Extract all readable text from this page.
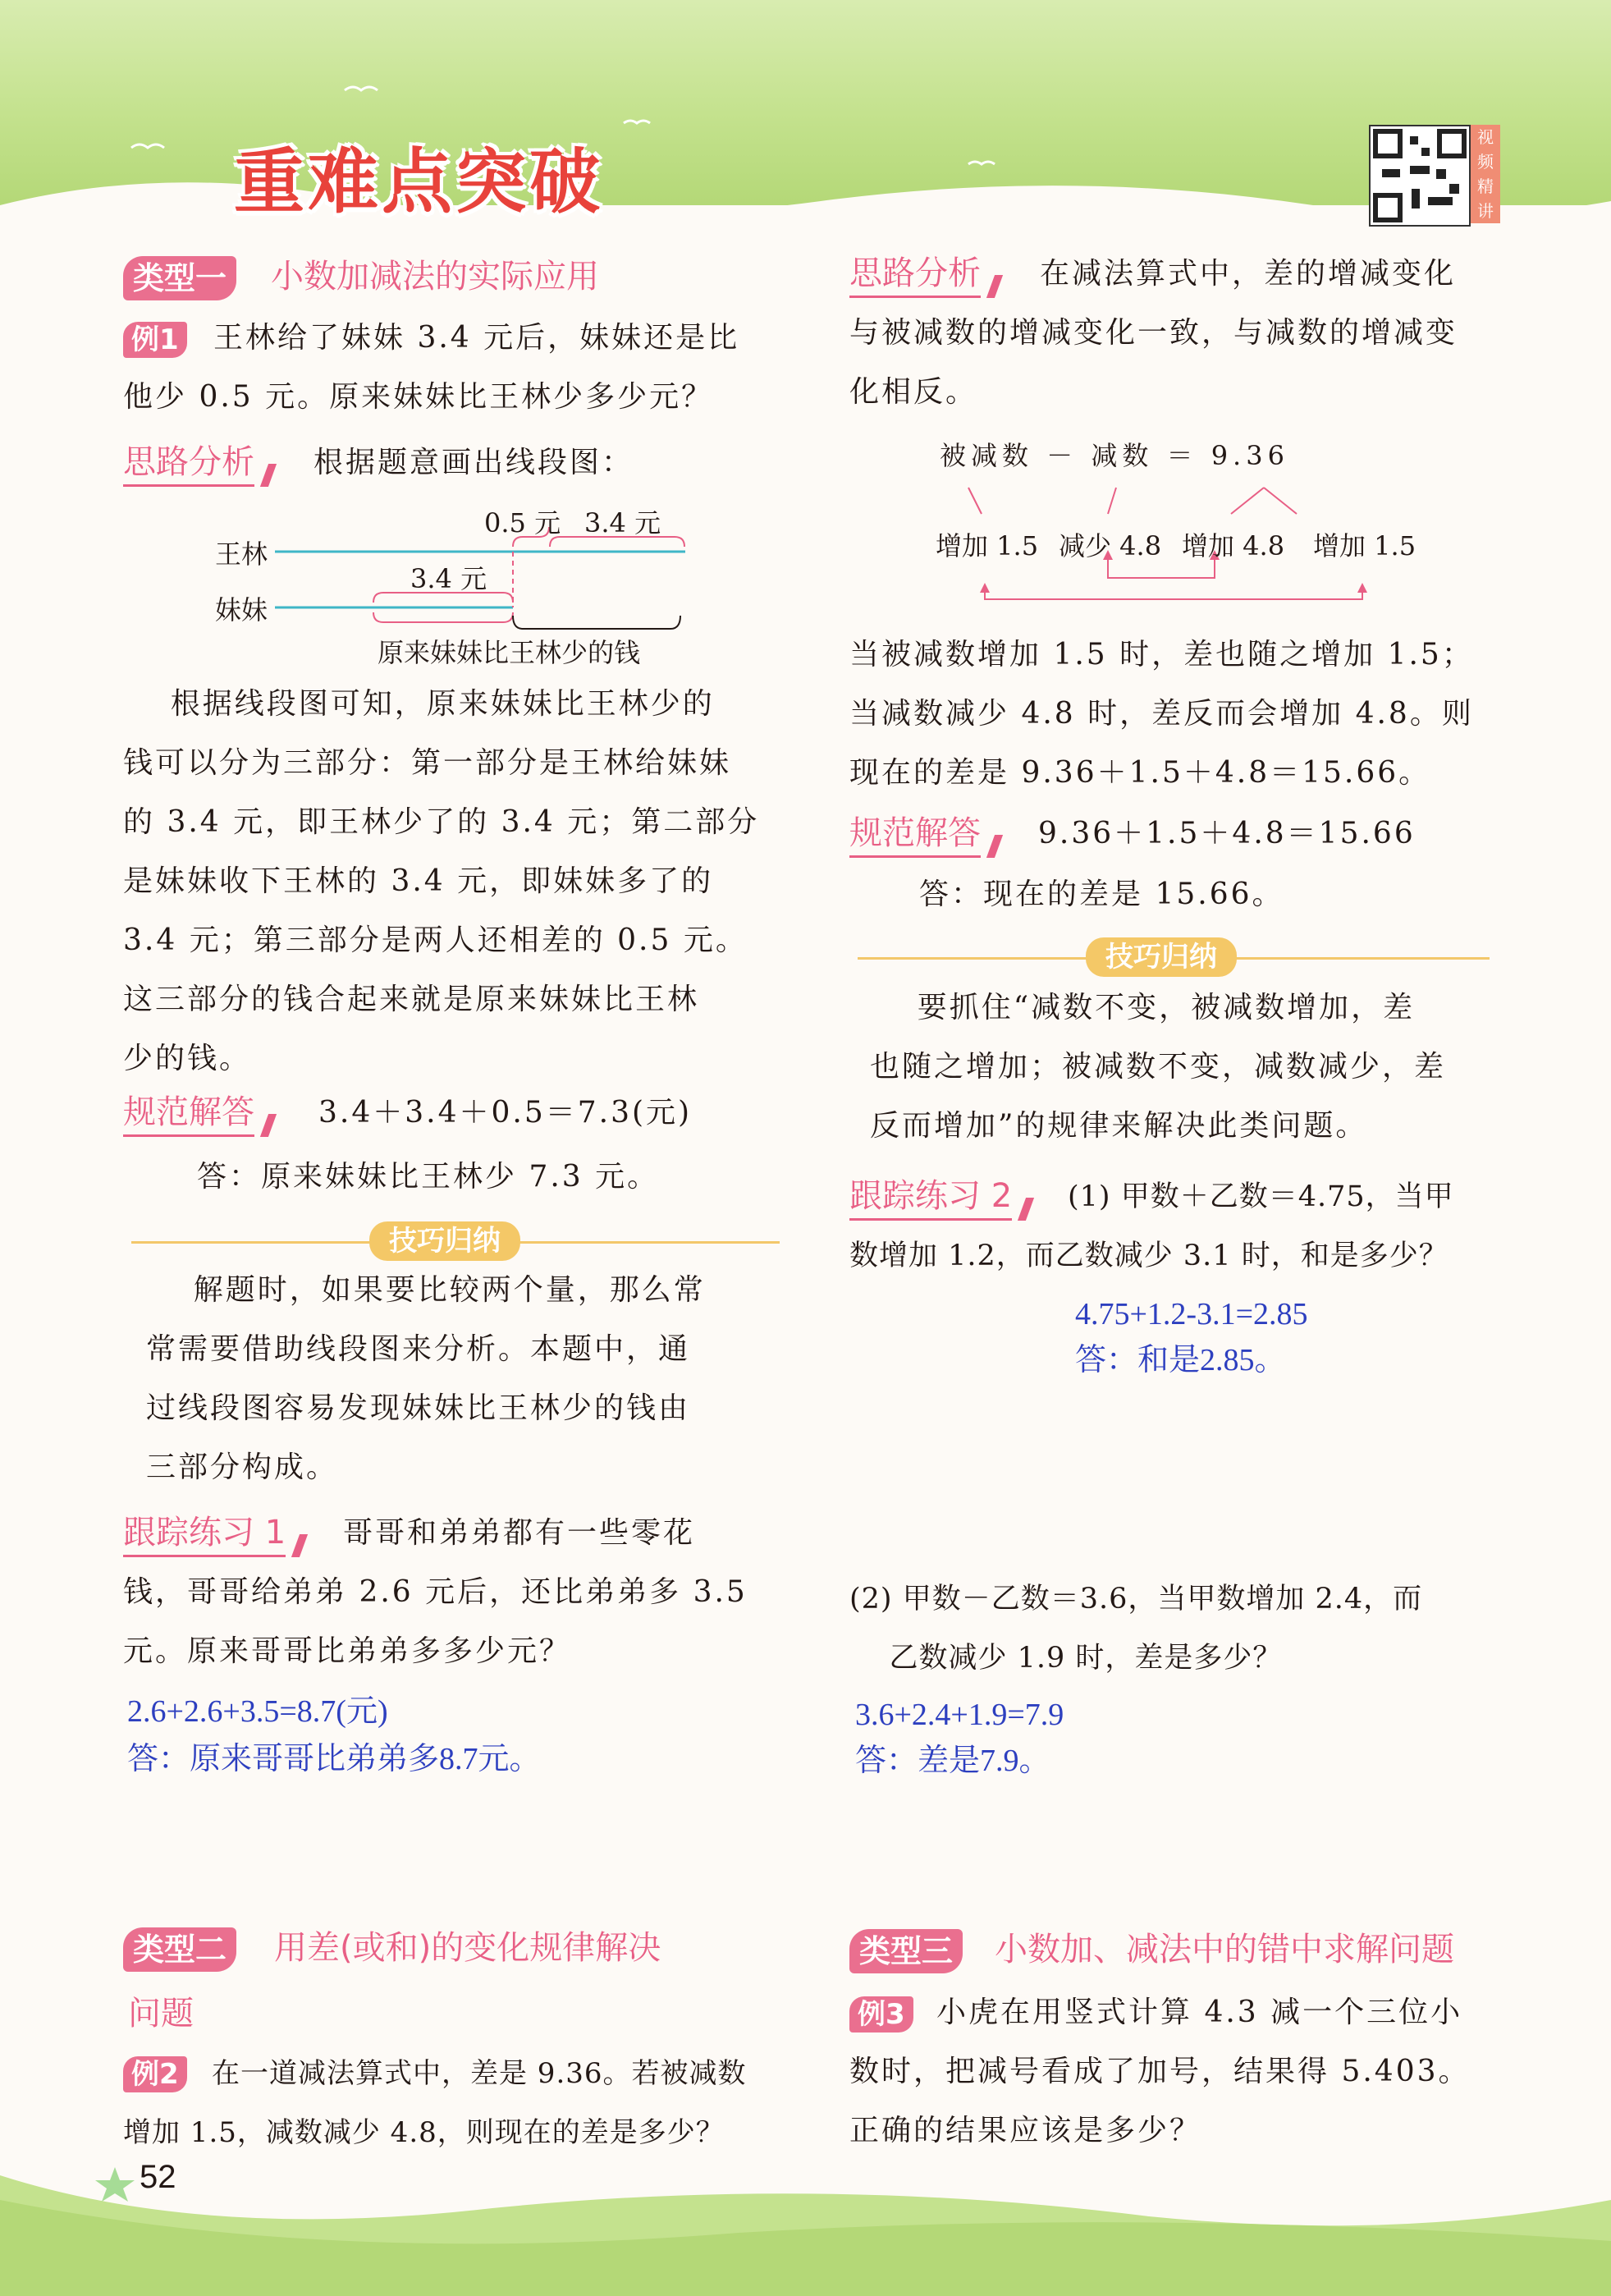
重难点突破
视频精讲
类型一	小数加减法的实际应用
例1	王林给了妹妹 3.4 元后，妹妹还是比
他少 0.5 元。原来妹妹比王林少多少元？
思路分析 根据题意画出线段图：
王林
妹妹
0.5 元 3.4 元
3.4 元
原来妹妹比王林少的钱
根据线段图可知，原来妹妹比王林少的
钱可以分为三部分：第一部分是王林给妹妹
的 3.4 元，即王林少了的 3.4 元；第二部分
是妹妹收下王林的 3.4 元，即妹妹多了的
3.4 元；第三部分是两人还相差的 0.5 元。
这三部分的钱合起来就是原来妹妹比王林
少的钱。
规范解答 3.4＋3.4＋0.5＝7.3(元)
答：原来妹妹比王林少 7.3 元。
技巧归纳
解题时，如果要比较两个量，那么常
常需要借助线段图来分析。本题中，通
过线段图容易发现妹妹比王林少的钱由
三部分构成。
跟踪练习 1	哥哥和弟弟都有一些零花
钱，哥哥给弟弟 2.6 元后，还比弟弟多 3.5
元。原来哥哥比弟弟多多少元？
2.6+2.6+3.5=8.7(元)
答：原来哥哥比弟弟多8.7元。
类型二	用差(或和)的变化规律解决
问题
例2	在一道减法算式中，差是 9.36。若被减数
增加 1.5，减数减少 4.8，则现在的差是多少？
思路分析	在减法算式中，差的增减变化
与被减数的增减变化一致，与减数的增减变
化相反。
被减数 － 减数 ＝ 9.36
增加 1.5 减少 4.8 增加 4.8 增加 1.5
当被减数增加 1.5 时，差也随之增加 1.5；
当减数减少 4.8 时，差反而会增加 4.8。则
现在的差是 9.36＋1.5＋4.8＝15.66。
规范解答 9.36＋1.5＋4.8＝15.66
答：现在的差是 15.66。
技巧归纳
要抓住“减数不变，被减数增加，差
也随之增加；被减数不变，减数减少，差
反而增加”的规律来解决此类问题。
跟踪练习 2	(1) 甲数＋乙数＝4.75，当甲
数增加 1.2，而乙数减少 3.1 时，和是多少？
4.75+1.2-3.1=2.85
答：和是2.85。
(2) 甲数－乙数＝3.6，当甲数增加 2.4，而
乙数减少 1.9 时，差是多少？
3.6+2.4+1.9=7.9
答：差是7.9。
类型三	小数加、减法中的错中求解问题
例3	小虎在用竖式计算 4.3 减一个三位小
数时，把减号看成了加号，结果得 5.403。
正确的结果应该是多少？
52
